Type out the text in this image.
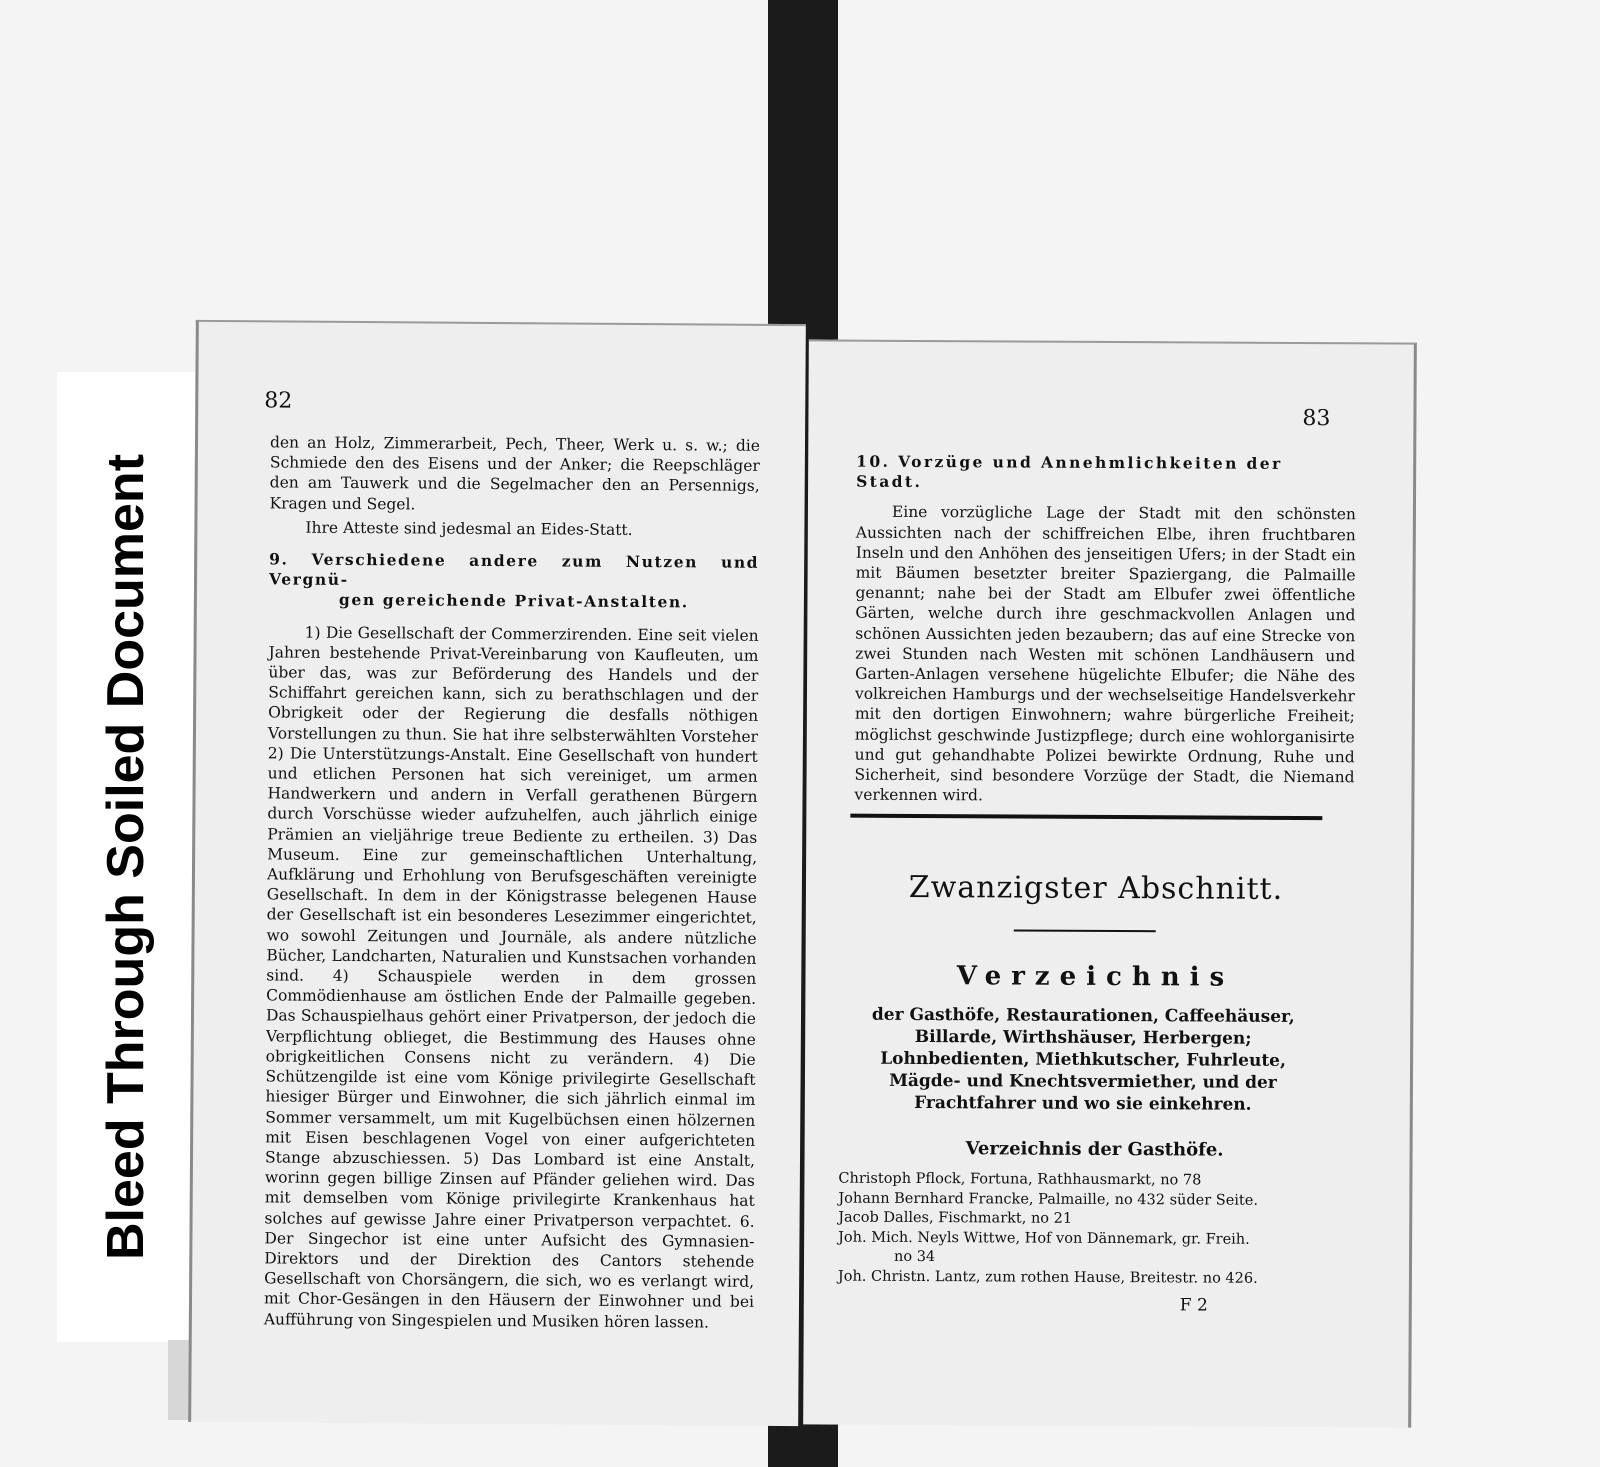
Bleed Through Soiled Document
82

den an Holz, Zimmerarbeit, Pech, Theer, Werk u. s. w.; die Schmiede den des Eisens und der Anker; die Reepschläger den am Tauwerk und die Segelmacher den an Persennigs, Kragen und Segel.

Ihre Atteste sind jedesmal an Eides-Statt.

9. Verschiedene andere zum Nutzen und Vergnü-
gen gereichende Privat-Anstalten.

1) Die Gesellschaft der Commerzirenden. Eine seit vielen Jahren bestehende Privat-Vereinbarung von Kaufleuten, um über das, was zur Beförderung des Handels und der Schiffahrt gereichen kann, sich zu berathschlagen und der Obrigkeit oder der Regierung die desfalls nöthigen Vorstellungen zu thun. Sie hat ihre selbsterwählten Vorsteher 2) Die Unterstützungs-Anstalt. Eine Gesellschaft von hundert und etlichen Personen hat sich vereiniget, um armen Handwerkern und andern in Verfall gerathenen Bürgern durch Vorschüsse wieder aufzuhelfen, auch jährlich einige Prämien an vieljährige treue Bediente zu ertheilen. 3) Das Museum. Eine zur gemeinschaftlichen Unterhaltung, Aufklärung und Erhohlung von Berufsgeschäften vereinigte Gesellschaft. In dem in der Königstrasse belegenen Hause der Gesellschaft ist ein besonderes Lesezimmer eingerichtet, wo sowohl Zeitungen und Journäle, als andere nützliche Bücher, Landcharten, Naturalien und Kunstsachen vorhanden sind. 4) Schauspiele werden in dem grossen Commödienhause am östlichen Ende der Palmaille gegeben. Das Schauspielhaus gehört einer Privatperson, der jedoch die Verpflichtung oblieget, die Bestimmung des Hauses ohne obrigkeitlichen Consens nicht zu verändern. 4) Die Schützengilde ist eine vom Könige privilegirte Gesellschaft hiesiger Bürger und Einwohner, die sich jährlich einmal im Sommer versammelt, um mit Kugelbüchsen einen hölzernen mit Eisen beschlagenen Vogel von einer aufgerichteten Stange abzuschiessen. 5) Das Lombard ist eine Anstalt, worinn gegen billige Zinsen auf Pfänder geliehen wird. Das mit demselben vom Könige privilegirte Krankenhaus hat solches auf gewisse Jahre einer Privatperson verpachtet. 6. Der Singechor ist eine unter Aufsicht des Gymnasien-Direktors und der Direktion des Cantors stehende Gesellschaft von Chorsängern, die sich, wo es verlangt wird, mit Chor-Gesängen in den Häusern der Einwohner und bei Aufführung von Singespielen und Musiken hören lassen.

83

10. Vorzüge und Annehmlichkeiten der Stadt.

Eine vorzügliche Lage der Stadt mit den schönsten Aussichten nach der schiffreichen Elbe, ihren fruchtbaren Inseln und den Anhöhen des jenseitigen Ufers; in der Stadt ein mit Bäumen besetzter breiter Spaziergang, die Palmaille genannt; nahe bei der Stadt am Elbufer zwei öffentliche Gärten, welche durch ihre geschmackvollen Anlagen und schönen Aussichten jeden bezaubern; das auf eine Strecke von zwei Stunden nach Westen mit schönen Landhäusern und Garten-Anlagen versehene hügelichte Elbufer; die Nähe des volkreichen Hamburgs und der wechselseitige Handelsverkehr mit den dortigen Einwohnern; wahre bürgerliche Freiheit; möglichst geschwinde Justizpflege; durch eine wohlorganisirte und gut gehandhabte Polizei bewirkte Ordnung, Ruhe und Sicherheit, sind besondere Vorzüge der Stadt, die Niemand verkennen wird.

Zwanzigster Abschnitt.
Verzeichnis
der Gasthöfe, Restaurationen, Caffeehäuser, Billarde, Wirthshäuser, Herbergen; Lohnbedienten, Miethkutscher, Fuhrleute, Mägde- und Knechtsvermiether, und der Frachtfahrer und wo sie einkehren.
Verzeichnis der Gasthöfe.

Christoph Pflock, Fortuna, Rathhausmarkt, no 78

Johann Bernhard Francke, Palmaille, no 432 süder Seite.

Jacob Dalles, Fischmarkt, no 21

Joh. Mich. Neyls Wittwe, Hof von Dännemark, gr. Freih.

no 34

Joh. Christn. Lantz, zum rothen Hause, Breitestr. no 426.

F 2
